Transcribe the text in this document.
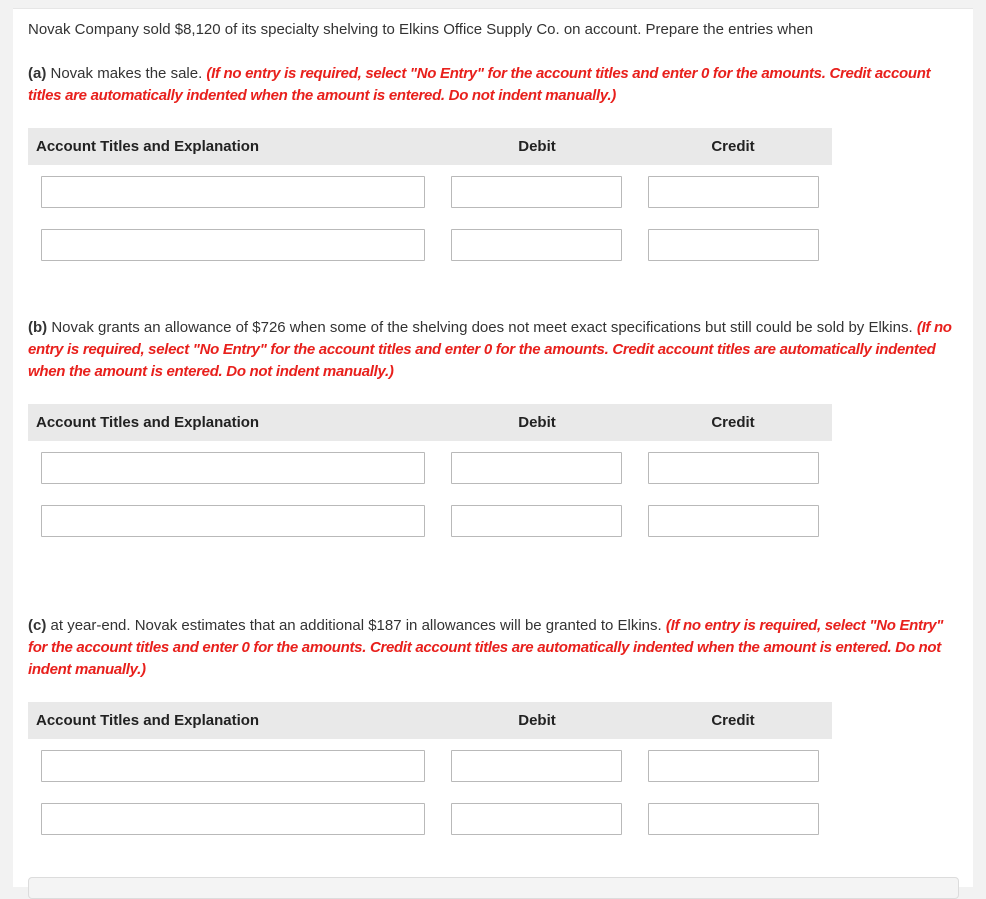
Novak Company sold $8,120 of its specialty shelving to Elkins Office Supply Co. on account. Prepare the entries when
(a) Novak makes the sale. (If no entry is required, select "No Entry" for the account titles and enter 0 for the amounts. Credit account titles are automatically indented when the amount is entered. Do not indent manually.)
Account Titles and Explanation	Debit	Credit
(b) Novak grants an allowance of $726 when some of the shelving does not meet exact specifications but still could be sold by Elkins. (If no entry is required, select "No Entry" for the account titles and enter 0 for the amounts. Credit account titles are automatically indented when the amount is entered. Do not indent manually.)
Account Titles and Explanation	Debit	Credit
(c) at year-end. Novak estimates that an additional $187 in allowances will be granted to Elkins. (If no entry is required, select "No Entry" for the account titles and enter 0 for the amounts. Credit account titles are automatically indented when the amount is entered. Do not indent manually.)
Account Titles and Explanation	Debit	Credit
